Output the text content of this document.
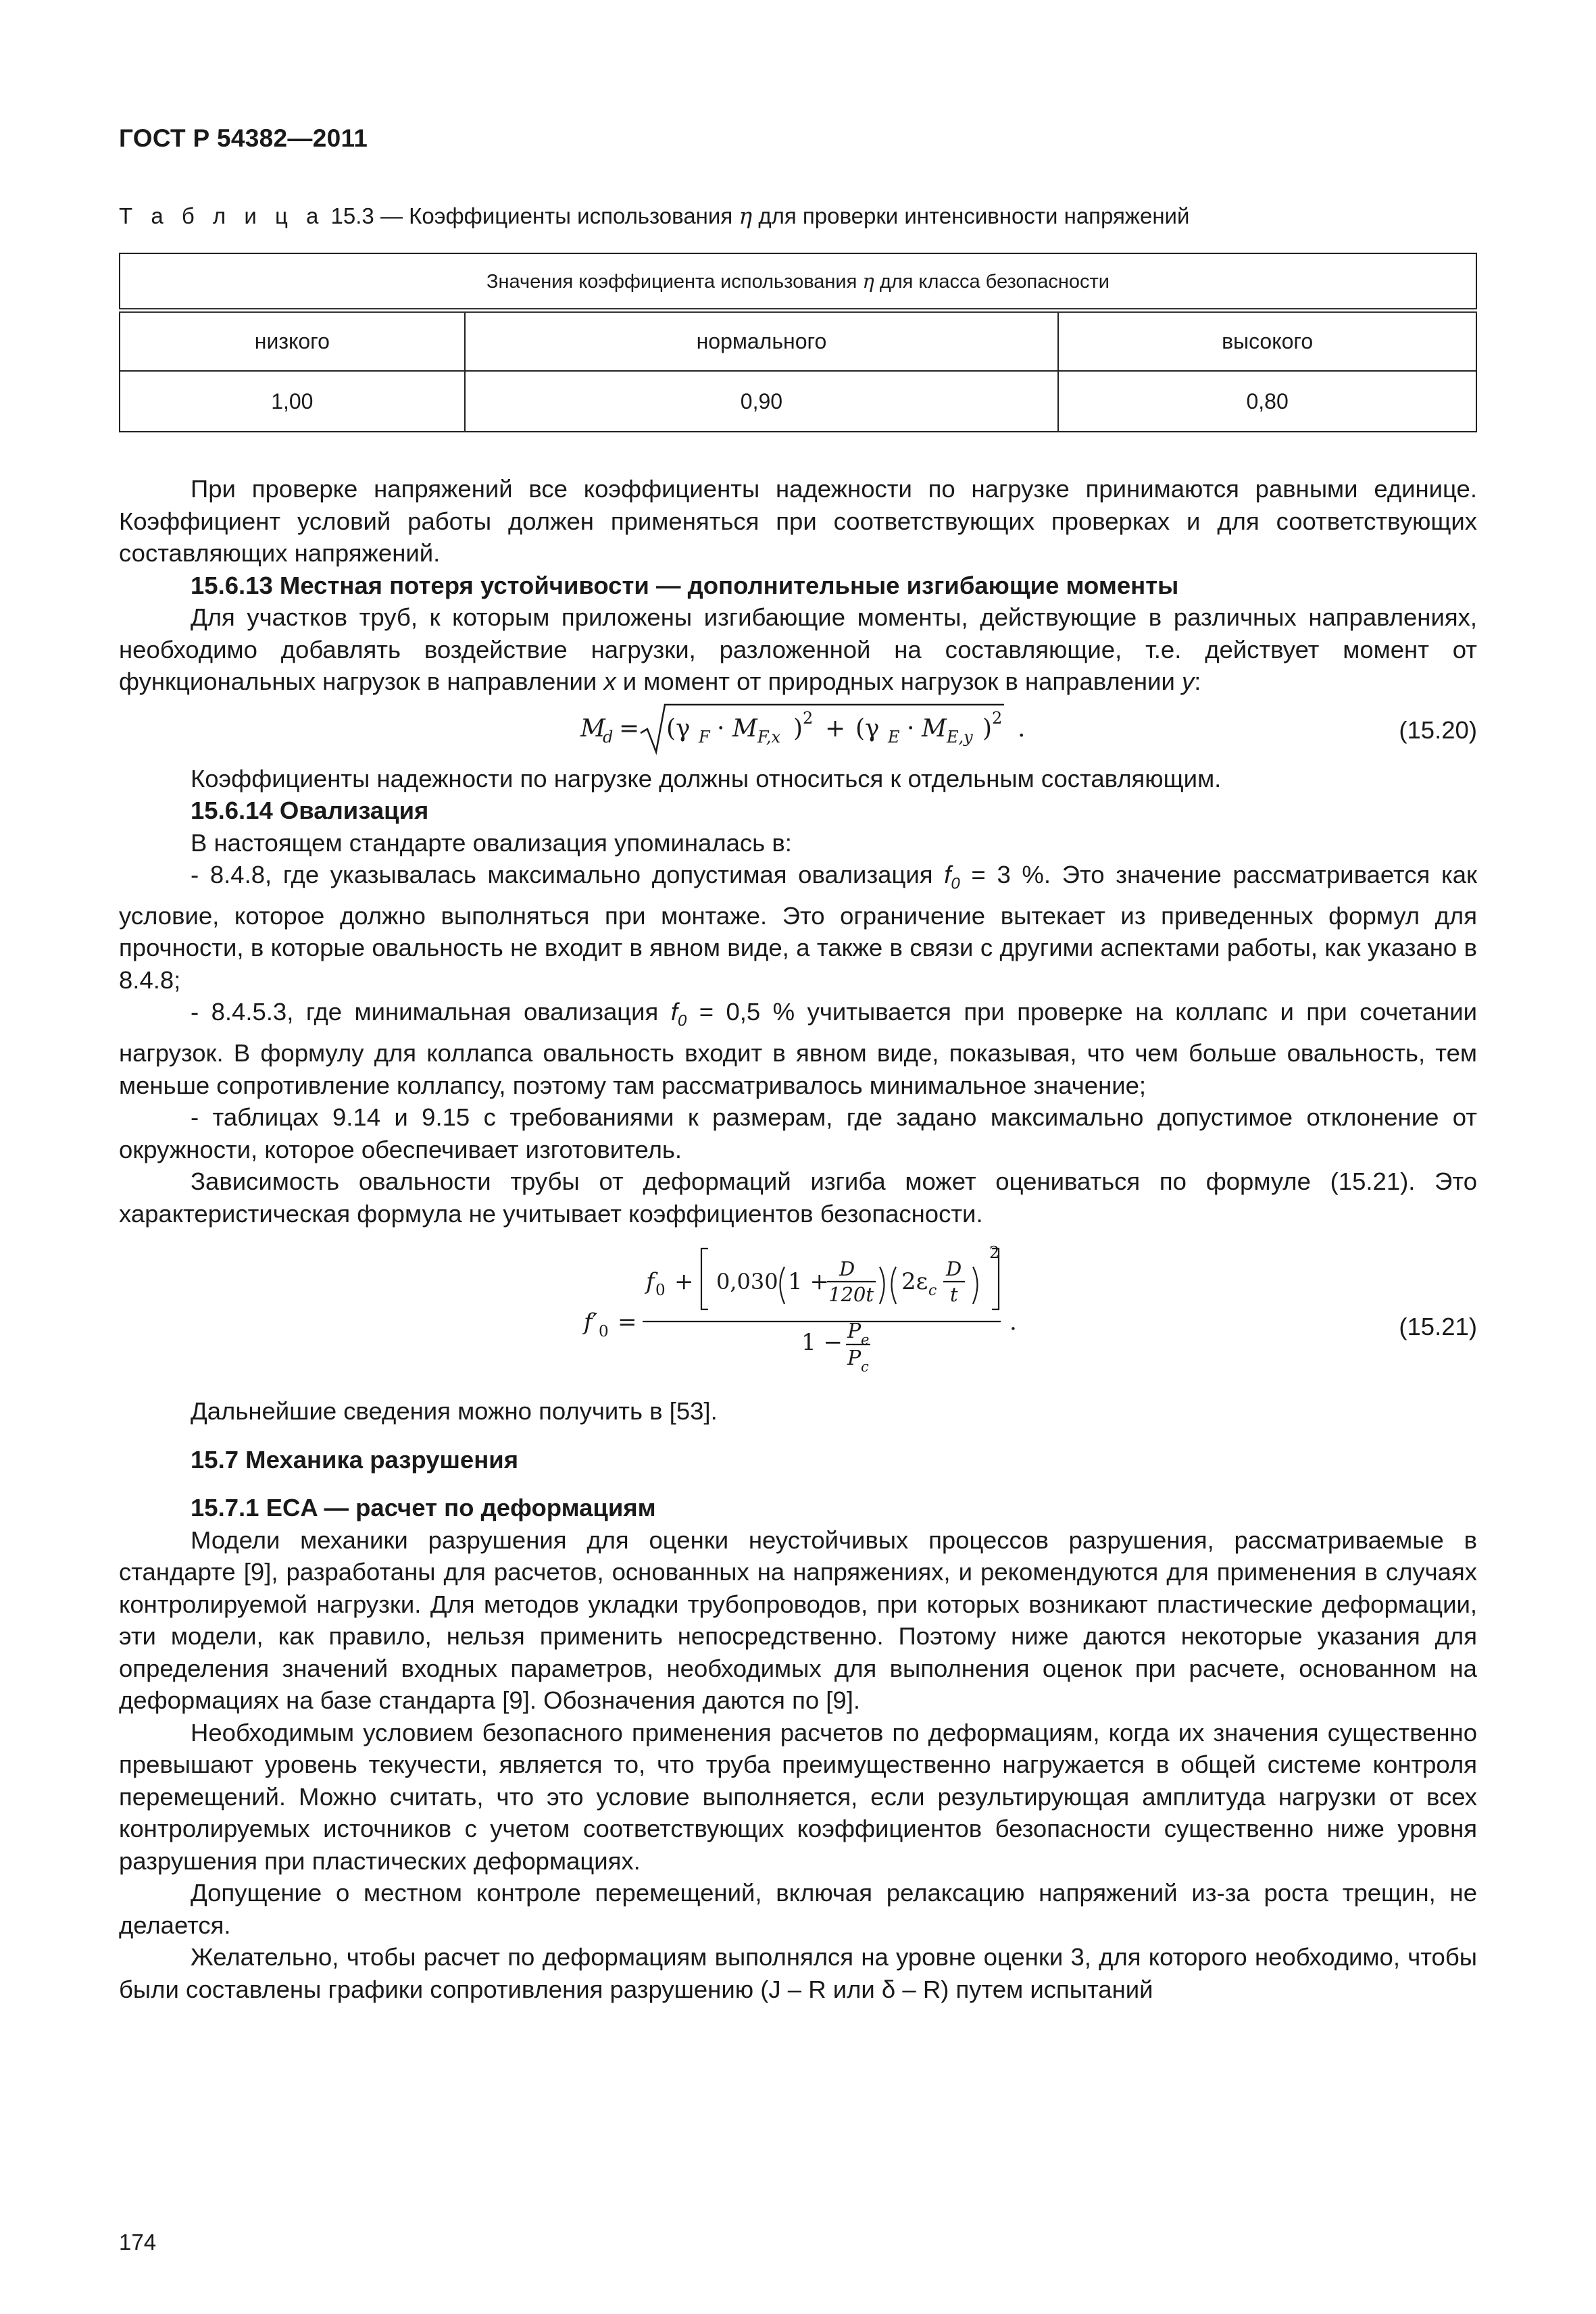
ГОСТ Р 54382—2011
Т а б л и ц а 15.3 — Коэффициенты использования η для проверки интенсивности напряжений
Значения коэффициента использования η для класса безопасности		
низкого	нормального	высокого
1,00	0,90	0,80

При проверке напряжений все коэффициенты надежности по нагрузке принимаются равными единице. Коэффициент условий работы должен применяться при соответствующих проверках и для соответствующих составляющих напряжений.

15.6.13 Местная потеря устойчивости — дополнительные изгибающие моменты

Для участков труб, к которым приложены изгибающие моменты, действующие в различных направлениях, необходимо добавлять воздействие нагрузки, разложенной на составляющие, т.е. действует момент от функциональных нагрузок в направлении x и момент от природных нагрузок в направлении y:

M
d = (γ F · M F,x ) 2 + (γ E · M E,y ) 2 .	(15.20)

Коэффициенты надежности по нагрузке должны относиться к отдельным составляющим.

15.6.14 Овализация

В настоящем стандарте овализация упоминалась в:

- 8.4.8, где указывалась максимально допустимая овализация $f_0 = 3$ %. Это значение рассматривается как условие, которое должно выполняться при монтаже. Это ограничение вытекает из приведенных формул для прочности, в которые овальность не входит в явном виде, а также в связи с другими аспектами работы, как указано в 8.4.8;

- 8.4.5.3, где минимальная овализация $f_0 = 0,5$ % учитывается при проверке на коллапс и при сочетании нагрузок. В формулу для коллапса овальность входит в явном виде, показывая, что чем больше овальность, тем меньше сопротивление коллапсу, поэтому там рассматривалось минимальное значение;

- таблицах 9.14 и 9.15 с требованиями к размерам, где задано максимально допустимое отклонение от окружности, которое обеспечивает изготовитель.

Зависимость овальности трубы от деформаций изгиба может оцениваться по формуле (15.21). Это характеристическая формула не учитывает коэффициентов безопасности.

f′ 0 =
f 0 + 0,030 1 + D
120t 2ε c
D
t
2
1 − P e
P c
.	(15.21)

Дальнейшие сведения можно получить в [53].

15.7 Механика разрушения

15.7.1 ECA — расчет по деформациям

Модели механики разрушения для оценки неустойчивых процессов разрушения, рассматриваемые в стандарте [9], разработаны для расчетов, основанных на напряжениях, и рекомендуются для применения в случаях контролируемой нагрузки. Для методов укладки трубопроводов, при которых возникают пластические деформации, эти модели, как правило, нельзя применить непосредственно. Поэтому ниже даются некоторые указания для определения значений входных параметров, необходимых для выполнения оценок при расчете, основанном на деформациях на базе стандарта [9]. Обозначения даются по [9].

Необходимым условием безопасного применения расчетов по деформациям, когда их значения существенно превышают уровень текучести, является то, что труба преимущественно нагружается в общей системе контроля перемещений. Можно считать, что это условие выполняется, если результирующая амплитуда нагрузки от всех контролируемых источников с учетом соответствующих коэффициентов безопасности существенно ниже уровня разрушения при пластических деформациях.

Допущение о местном контроле перемещений, включая релаксацию напряжений из-за роста трещин, не делается.

Желательно, чтобы расчет по деформациям выполнялся на уровне оценки 3, для которого необходимо, чтобы были составлены графики сопротивления разрушению (J – R или δ – R) путем испытаний

174
